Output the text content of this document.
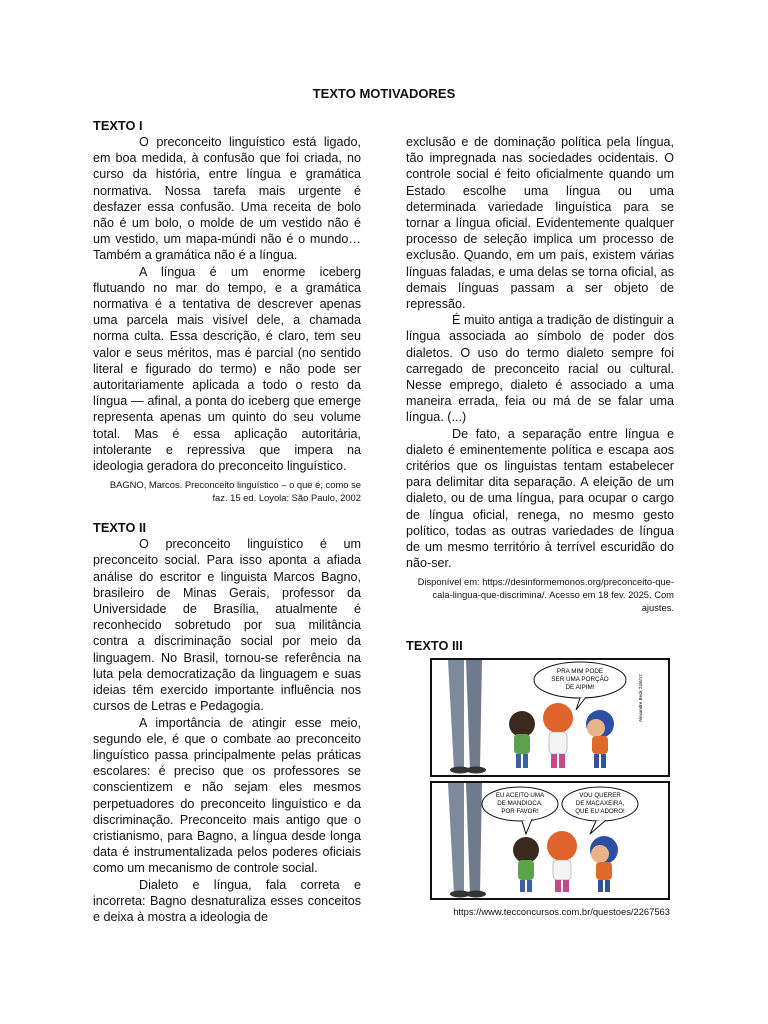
TEXTO MOTIVADORES

TEXTO I

O preconceito linguístico está ligado, em boa medida, à confusão que foi criada, no curso da história, entre língua e gramática normativa. Nossa tarefa mais urgente é desfazer essa confusão. Uma receita de bolo não é um bolo, o molde de um vestido não é um vestido, um mapa-múndi não é o mundo… Também a gramática não é a língua.

A língua é um enorme iceberg flutuando no mar do tempo, e a gramática normativa é a tentativa de descrever apenas uma parcela mais visível dele, a chamada norma culta. Essa descrição, é claro, tem seu valor e seus méritos, mas é parcial (no sentido literal e figurado do termo) e não pode ser autoritariamente aplicada a todo o resto da língua — afinal, a ponta do iceberg que emerge representa apenas um quinto do seu volume total. Mas é essa aplicação autoritária, intolerante e repressiva que impera na ideologia geradora do preconceito linguístico.

BAGNO, Marcos. Preconceito linguístico – o que é, como se faz. 15 ed. Loyola: São Paulo, 2002

TEXTO II

O preconceito linguístico é um preconceito social. Para isso aponta a afiada análise do escritor e linguista Marcos Bagno, brasileiro de Minas Gerais, professor da Universidade de Brasília, atualmente é reconhecido sobretudo por sua militância contra a discriminação social por meio da linguagem. No Brasil, tornou-se referência na luta pela democratização da linguagem e suas ideias têm exercido importante influência nos cursos de Letras e Pedagogia.

A importância de atingir esse meio, segundo ele, é que o combate ao preconceito linguístico passa principalmente pelas práticas escolares: é preciso que os professores se conscientizem e não sejam eles mesmos perpetuadores do preconceito linguístico e da discriminação. Preconceito mais antigo que o cristianismo, para Bagno, a língua desde longa data é instrumentalizada pelos poderes oficiais como um mecanismo de controle social.

Dialeto e língua, fala correta e incorreta: Bagno desnaturaliza esses conceitos e deixa à mostra a ideologia de

exclusão e de dominação política pela língua, tão impregnada nas sociedades ocidentais. O controle social é feito oficialmente quando um Estado escolhe uma língua ou uma determinada variedade linguística para se tornar a língua oficial. Evidentemente qualquer processo de seleção implica um processo de exclusão. Quando, em um país, existem várias línguas faladas, e uma delas se torna oficial, as demais línguas passam a ser objeto de repressão.

É muito antiga a tradição de distinguir a língua associada ao símbolo de poder dos dialetos. O uso do termo dialeto sempre foi carregado de preconceito racial ou cultural. Nesse emprego, dialeto é associado a uma maneira errada, feia ou má de se falar uma língua. (...)

De fato, a separação entre língua e dialeto é eminentemente política e escapa aos critérios que os linguistas tentam estabelecer para delimitar dita separação. A eleição de um dialeto, ou de uma língua, para ocupar o cargo de língua oficial, renega, no mesmo gesto político, todas as outras variedades de língua de um mesmo território à terrível escuridão do não-ser.

Disponível em: https://desinformemonos.org/preconceito-que-cala-lingua-que-discrimina/. Acesso em 18 fev. 2025. Com ajustes.

TEXTO III

PRA MIM PODE
SER UMA PORÇÃO
DE AIPIM!	Alexandre Beck 24/6/17
EU ACEITO UMA
DE MANDIOCA,
POR FAVOR!
VOU QUERER
DE MACAXEIRA,
QUE EU ADORO!
https://www.tecconcursos.com.br/questoes/2267563
